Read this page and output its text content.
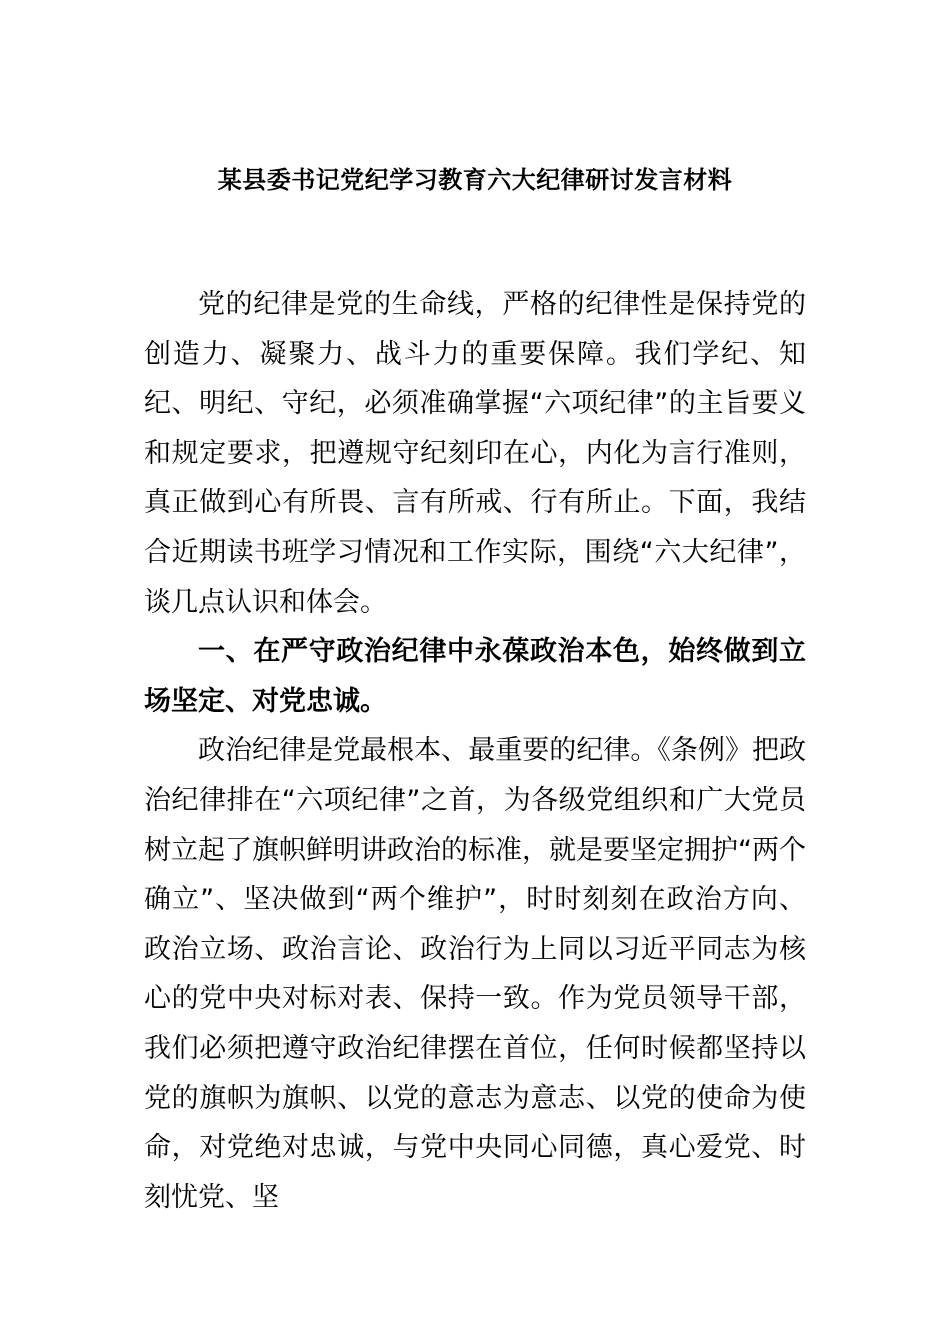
某县委书记党纪学习教育六大纪律研讨发言材料

党的纪律是党的生命线，严格的纪律性是保持党的创造力、凝聚力、战斗力的重要保障。我们学纪、知纪、明纪、守纪，必须准确掌握“六项纪律”的主旨要义和规定要求，把遵规守纪刻印在心，内化为言行准则，真正做到心有所畏、言有所戒、行有所止。下面，我结合近期读书班学习情况和工作实际，围绕“六大纪律”，谈几点认识和体会。

一、在严守政治纪律中永葆政治本色，始终做到立场坚定、对党忠诚。

政治纪律是党最根本、最重要的纪律。《条例》把政治纪律排在“六项纪律”之首，为各级党组织和广大党员树立起了旗帜鲜明讲政治的标准，就是要坚定拥护“两个确立”、坚决做到“两个维护”，时时刻刻在政治方向、政治立场、政治言论、政治行为上同以习近平同志为核心的党中央对标对表、保持一致。作为党员领导干部，我们必须把遵守政治纪律摆在首位，任何时候都坚持以党的旗帜为旗帜、以党的意志为意志、以党的使命为使命，对党绝对忠诚，与党中央同心同德，真心爱党、时刻忧党、坚
